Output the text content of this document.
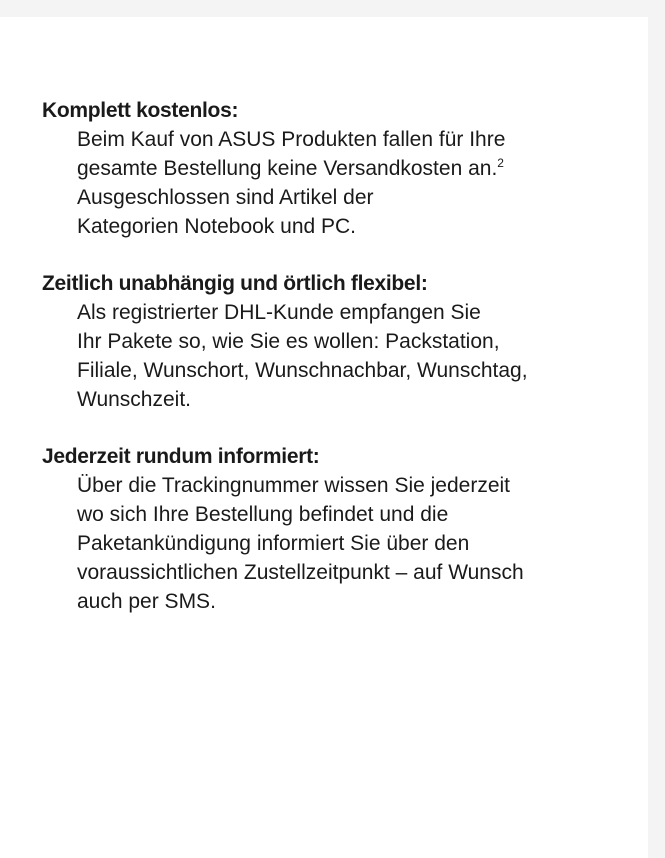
Komplett kostenlos:

Beim Kauf von ASUS Produkten fallen für Ihre
gesamte Bestellung keine Versandkosten an.$^2$
Ausgeschlossen sind Artikel der
Kategorien Notebook und PC.

Zeitlich unabhängig und örtlich flexibel:

Als registrierter DHL-Kunde empfangen Sie
Ihr Pakete so, wie Sie es wollen: Packstation,
Filiale, Wunschort, Wunschnachbar, Wunschtag,
Wunschzeit.

Jederzeit rundum informiert:

Über die Trackingnummer wissen Sie jederzeit
wo sich Ihre Bestellung befindet und die
Paketankündigung informiert Sie über den
voraussichtlichen Zustellzeitpunkt – auf Wunsch
auch per SMS.
